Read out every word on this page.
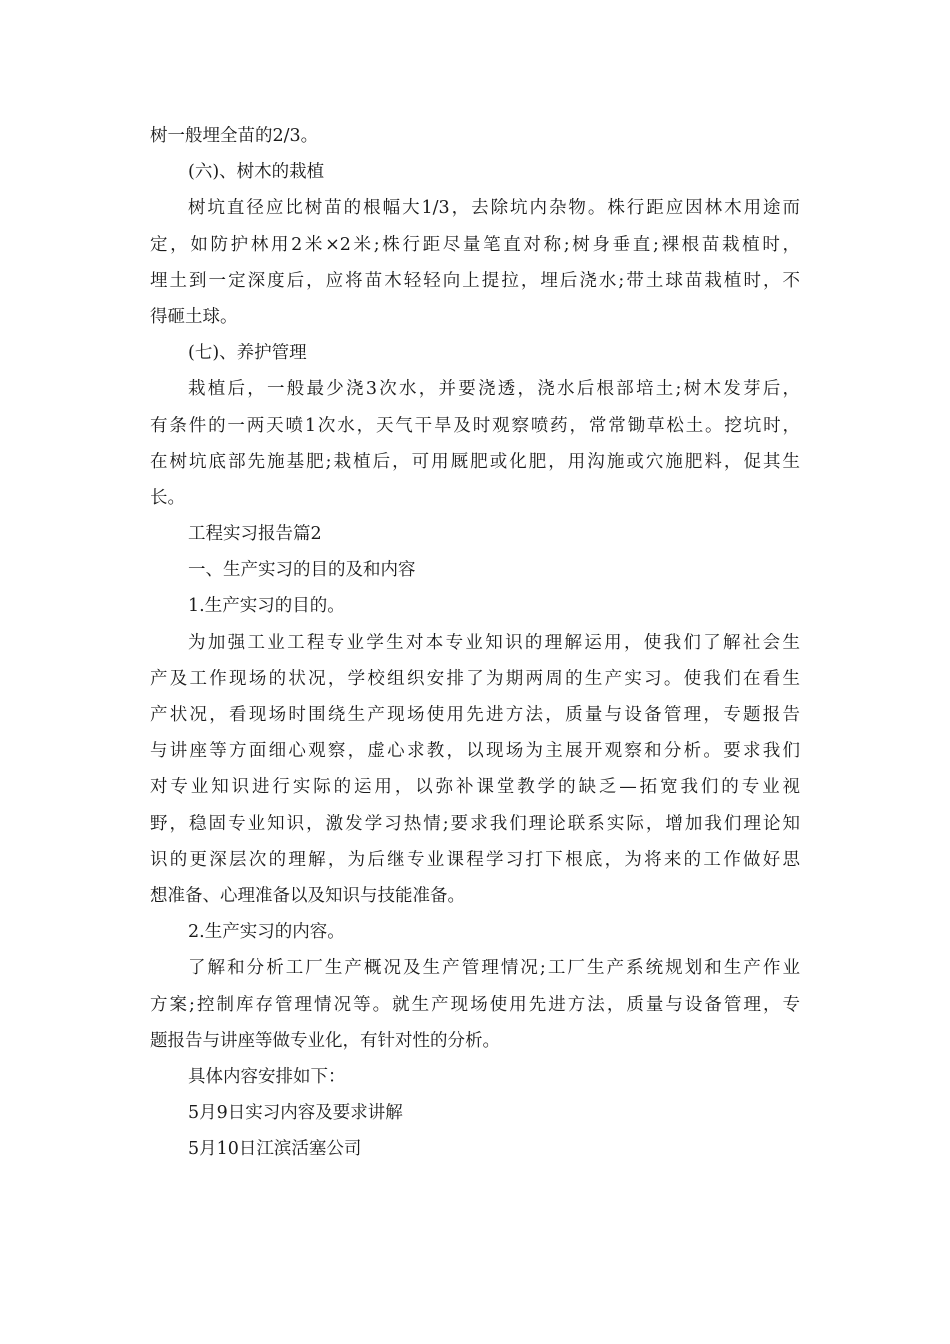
树一般埋全苗的2/3。
(六)、树木的栽植
树坑直径应比树苗的根幅大1/3，去除坑内杂物。株行距应因林木用途而
定，如防护林用2米×2米;株行距尽量笔直对称;树身垂直;裸根苗栽植时，
埋土到一定深度后，应将苗木轻轻向上提拉，埋后浇水;带土球苗栽植时，不
得砸土球。
(七)、养护管理
栽植后，一般最少浇3次水，并要浇透，浇水后根部培土;树木发芽后，
有条件的一两天喷1次水，天气干旱及时观察喷药，常常锄草松土。挖坑时，
在树坑底部先施基肥;栽植后，可用厩肥或化肥，用沟施或穴施肥料，促其生
长。
工程实习报告篇2
一、生产实习的目的及和内容
1.生产实习的目的。
为加强工业工程专业学生对本专业知识的理解运用，使我们了解社会生
产及工作现场的状况，学校组织安排了为期两周的生产实习。使我们在看生
产状况，看现场时围绕生产现场使用先进方法，质量与设备管理，专题报告
与讲座等方面细心观察，虚心求教，以现场为主展开观察和分析。要求我们
对专业知识进行实际的运用，以弥补课堂教学的缺乏—拓宽我们的专业视
野，稳固专业知识，激发学习热情;要求我们理论联系实际，增加我们理论知
识的更深层次的理解，为后继专业课程学习打下根底，为将来的工作做好思
想准备、心理准备以及知识与技能准备。
2.生产实习的内容。
了解和分析工厂生产概况及生产管理情况;工厂生产系统规划和生产作业
方案;控制库存管理情况等。就生产现场使用先进方法，质量与设备管理，专
题报告与讲座等做专业化，有针对性的分析。
具体内容安排如下：
5月9日实习内容及要求讲解
5月10日江滨活塞公司
